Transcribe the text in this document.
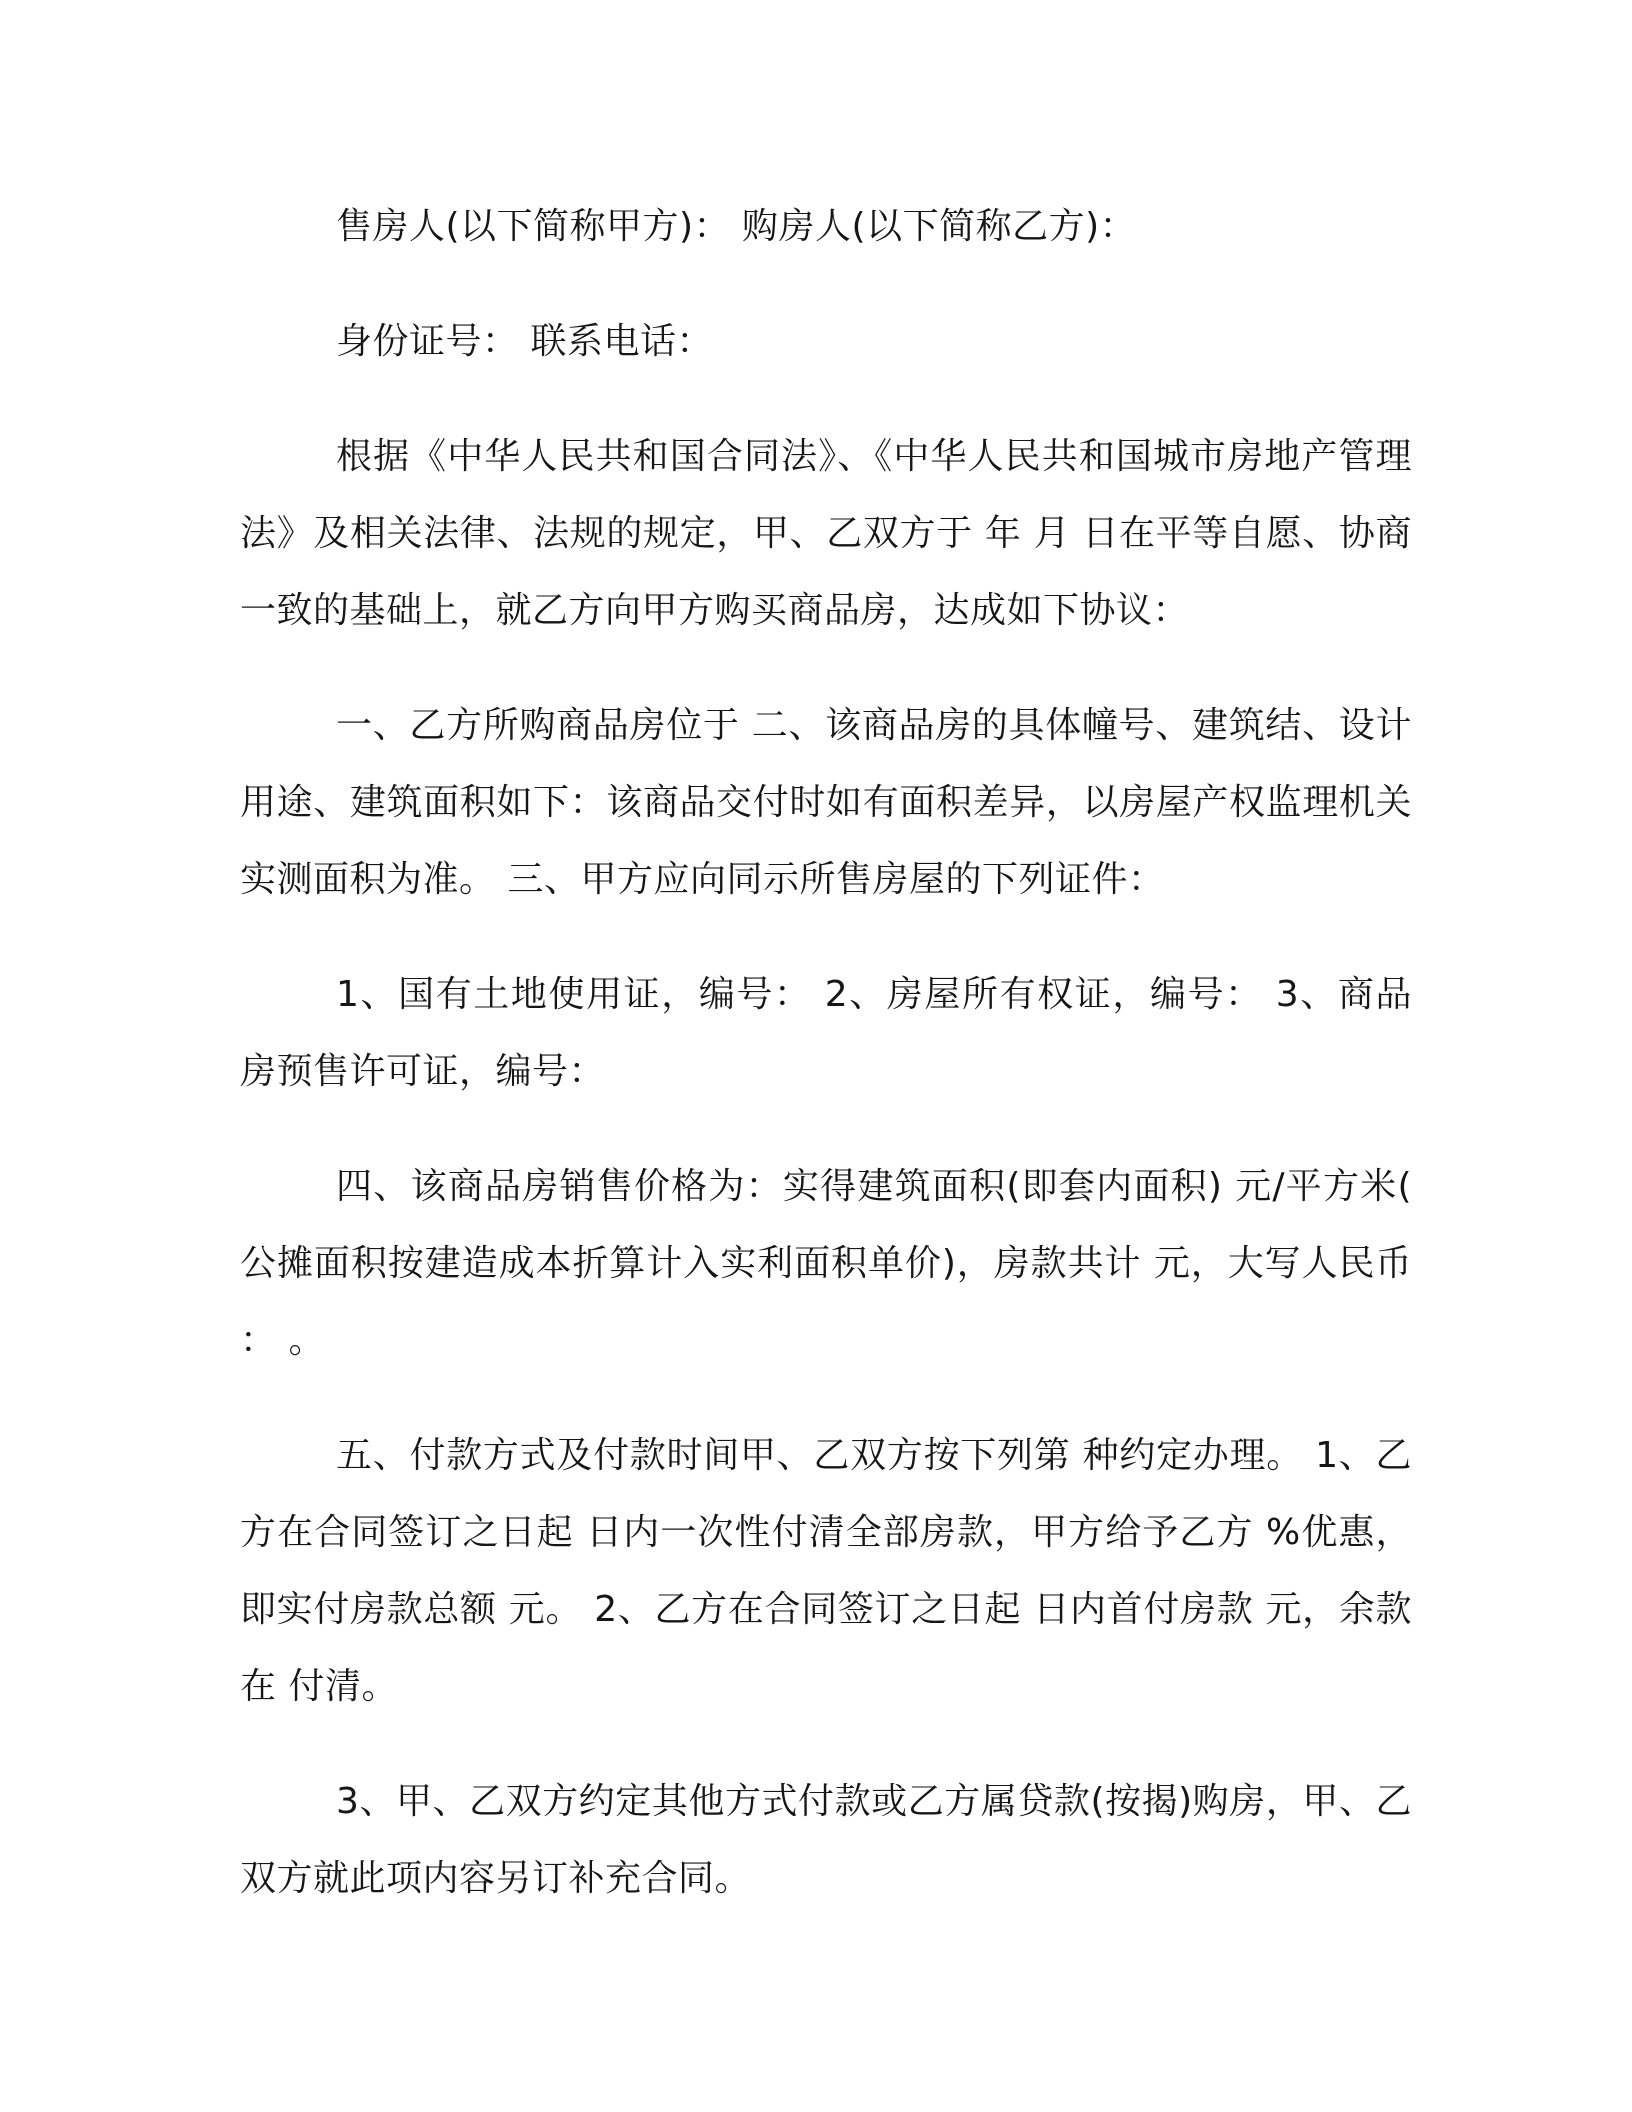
售房人(以下简称甲方)： 购房人(以下简称乙方)：

身份证号： 联系电话：

根据《中华人民共和国合同法》、《中华人民共和国城市房地产管理法》及相关法律、法规的规定，甲、乙双方于 年 月 日在平等自愿、协商一致的基础上，就乙方向甲方购买商品房，达成如下协议：

一、乙方所购商品房位于 二、该商品房的具体幢号、建筑结、设计用途、建筑面积如下：该商品交付时如有面积差异，以房屋产权监理机关实测面积为准。 三、甲方应向同示所售房屋的下列证件：

1、国有土地使用证，编号： 2、房屋所有权证，编号： 3、商品房预售许可证，编号：

四、该商品房销售价格为：实得建筑面积(即套内面积) 元/平方米(公摊面积按建造成本折算计入实利面积单价)，房款共计 元，大写人民币： 。

五、付款方式及付款时间甲、乙双方按下列第 种约定办理。 1、乙方在合同签订之日起 日内一次性付清全部房款，甲方给予乙方 %优惠，即实付房款总额 元。 2、乙方在合同签订之日起 日内首付房款 元，余款在 付清。

3、甲、乙双方约定其他方式付款或乙方属贷款(按揭)购房，甲、乙双方就此项内容另订补充合同。
